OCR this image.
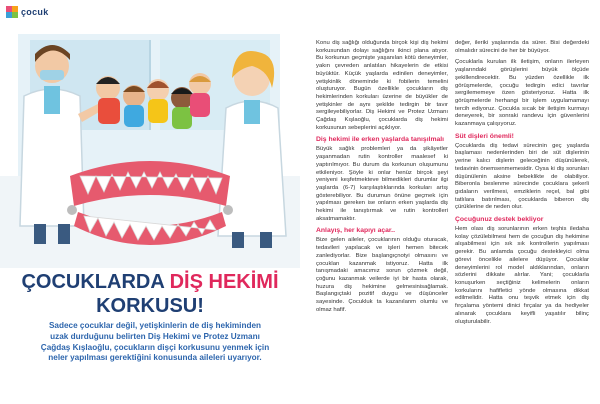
çocuk
ÇOCUKLARDA DİŞ HEKİMİ
KORKUSU!
Sadece çocuklar değil, yetişkinlerin de diş hekiminden uzak durduğunu belirten Diş Hekimi ve Protez Uzmanı Çağdaş Kışlaoğlu, çocukların dişçi korkusunu yenmek için neler yapılması gerektiğini konusunda aileleri uyarıyor.

Konu diş sağlığı olduğunda birçok kişi diş hekimi korkusundan dolayı sağlığını ikinci plana atıyor. Bu korkunun geçmişte yaşanılan kötü deneyimler, yakın çevreden anlatılan hikayelerin de etkisi büyüktür. Küçük yaşlarda edinilen deneyimler, yetişkinlik döneminde ki fobilerin temelini oluşturuyor. Bugün özellikle çocukların diş hekimlerinden korkuları üzerine de büyükler de yetişkinler de aynı şekilde tedirgin bir tavır sergileyebiliyorlar. Diş Hekimi ve Protez Uzmanı Çağdaş Kışlaoğlu, çocuklarda diş hekimi korkusunun sebeplerini açıklıyor.

Diş hekimi ile erken yaşlarda tanışılmalı

Büyük sağlık problemleri ya da şikâyetler yaşanmadan rutin kontroller maalesef ki yaptırılmıyor. Bu durum da korkunun oluşumunu etkileniyor. Şöyle ki onlar henüz birçok şeyi yeniyeni keşfetmekteve bilmedikleri durumlar ilgi yaşlarda (6-7) karşılaştıklarında korkuları artış gösterebiliyor. Bu durumun önüne geçmek için yapılması gereken ise onların erken yaşlarda diş hekimi ile tanıştırmak ve rutin kontrolleri aksatmamaktır.

Anlayış, her kapıyı açar..

Bize gelen aileler, çocuklarının olduğu oturacak, tedavileri yapılacak ve işleri hemen bitecek zanlediyorlar. Bize başlangıçnotyi olmasını ve çocukları kazanmak istiyoruz. Hatta ilk tanışmadaki amacımız sorun çözmek değil, çoğunu kazanmak veilerde iyi bir hasta olarak, huzura diş hekimine gelmesinisağlamak. Başlangıçtaki pozitif duygu ve düşünceler sayesinde. Çocukluk ta kazanılanm olumlu ve olmaz hafif.

değer, ileriki yaşlarında da sürer. Bisi değerdeki olmalıdır sürecini de her bir büyüyor.

Çocuklarla kurulan ilk iletişim, onların ilerleyen yaşlarındaki görüşlerini büyük ölçüde şekillendirecektir. Bu yüzden özellikle ilk görüşmelerde, çocuğu tedirgin edici tavırlar sergilememeye özen gösteriyoruz. Hatta ilk görüşmelerde herhangi bir işlem uygulamamayı tercih ediyoruz. Çocukla sıcak bir iletişim kurmayı deneyerek, bir sonraki randevu için güvenlerini kazanmaya çalışıyoruz.

Süt dişleri önemli!

Çocuklarda diş tedavi sürecinin geç yaşlarda başlaması nedenlerinden biri de süt dişlerinin yerine kalıcı dişlerin geleceğinin düşünülerek, tedavinin önemsenmemesidir. Oysa ki diş sorunları düşünülenin aksine bebeklikte de olabiliyor. Biberonla beslenme sürecinde çocuklara şekerli gıdaların verilmesi, emziklerin reçel, bal gibi tatlılara batırılması, çocuklarda biberon diş çürüklerine de neden olur.

Çocuğunuz destek bekliyor

Hem olası diş sorunlarının erken teşhis iledaha kolay çözülebilmesi hem de çocuğun diş hekimine alışabilmesi için sık sık kontrollerin yapılması gerekir. Bu anlamda çocuğu destekleyici olma görevi öncelikle ailelere düşüyor. Çocuklar deneyimlerini rol model aldıklarından, onların sözlerini dikkate alırlar. Yani; çocuklarla konuşurken seçtiğiniz kelimelerin onların korkularını hafifletici yönde olmasına dikkat edilmelidir. Hatta onu teşvik etmek için diş fırçalama yöntemi dinici fırçalar ya da hediyeler alınarak çocuklara keyifli yaşatılır bilinç oluşturulabilir.
